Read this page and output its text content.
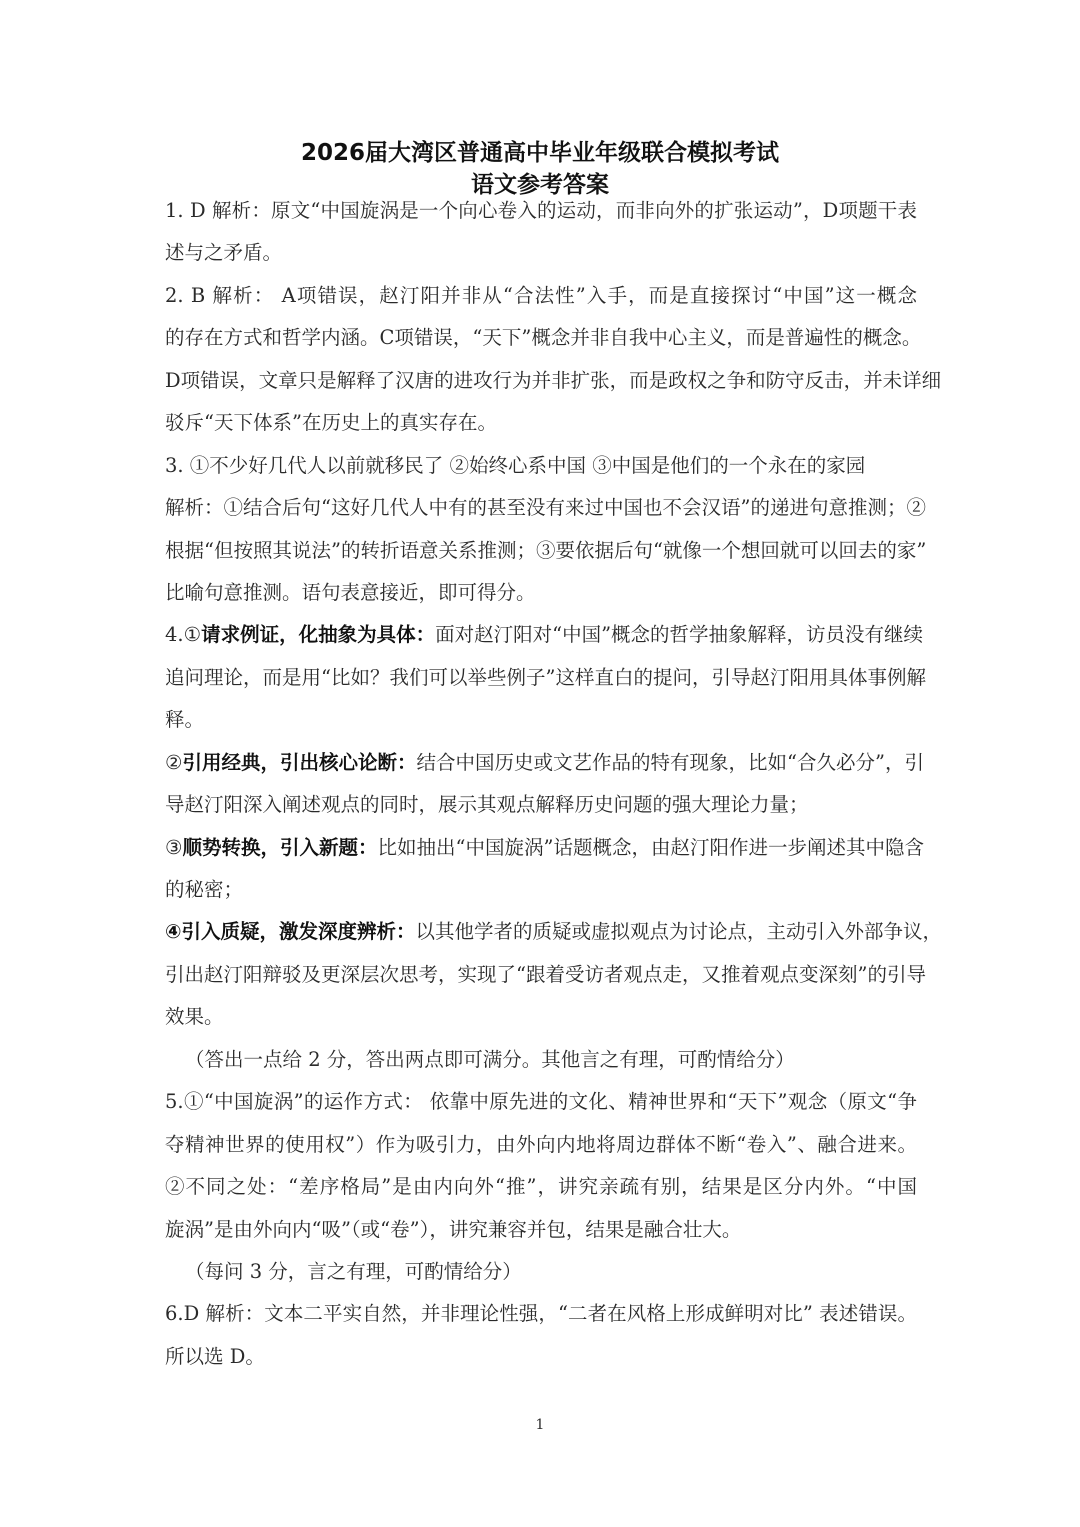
2026届大湾区普通高中毕业年级联合模拟考试
语文参考答案
1. D 解析：原文“中国旋涡是一个向心卷入的运动，而非向外的扩张运动”，D项题干表
述与之矛盾。
2. B 解析： A项错误，赵汀阳并非从“合法性”入手，而是直接探讨“中国”这一概念
的存在方式和哲学内涵。C项错误，“天下”概念并非自我中心主义，而是普遍性的概念。
D项错误，文章只是解释了汉唐的进攻行为并非扩张，而是政权之争和防守反击，并未详细
驳斥“天下体系”在历史上的真实存在。
3. ①不少好几代人以前就移民了 ②始终心系中国 ③中国是他们的一个永在的家园
解析：①结合后句“这好几代人中有的甚至没有来过中国也不会汉语”的递进句意推测；②
根据“但按照其说法”的转折语意关系推测；③要依据后句“就像一个想回就可以回去的家”
比喻句意推测。语句表意接近，即可得分。
4.①请求例证，化抽象为具体：面对赵汀阳对“中国”概念的哲学抽象解释，访员没有继续
追问理论，而是用“比如？我们可以举些例子”这样直白的提问，引导赵汀阳用具体事例解
释。
②引用经典，引出核心论断：结合中国历史或文艺作品的特有现象，比如“合久必分”，引
导赵汀阳深入阐述观点的同时，展示其观点解释历史问题的强大理论力量；
③顺势转换，引入新题：比如抽出“中国旋涡”话题概念，由赵汀阳作进一步阐述其中隐含
的秘密；
④引入质疑，激发深度辨析：以其他学者的质疑或虚拟观点为讨论点，主动引入外部争议，
引出赵汀阳辩驳及更深层次思考，实现了“跟着受访者观点走，又推着观点变深刻”的引导
效果。
（答出一点给 2 分，答出两点即可满分。其他言之有理，可酌情给分）
5.①“中国旋涡”的运作方式： 依靠中原先进的文化、精神世界和“天下”观念（原文“争
夺精神世界的使用权”）作为吸引力，由外向内地将周边群体不断“卷入”、融合进来。
②不同之处：“差序格局”是由内向外“推”，讲究亲疏有别，结果是区分内外。“中国
旋涡”是由外向内“吸”（或“卷”），讲究兼容并包，结果是融合壮大。
（每问 3 分，言之有理，可酌情给分）
6.D 解析：文本二平实自然，并非理论性强，“二者在风格上形成鲜明对比” 表述错误。
所以选 D。
1
